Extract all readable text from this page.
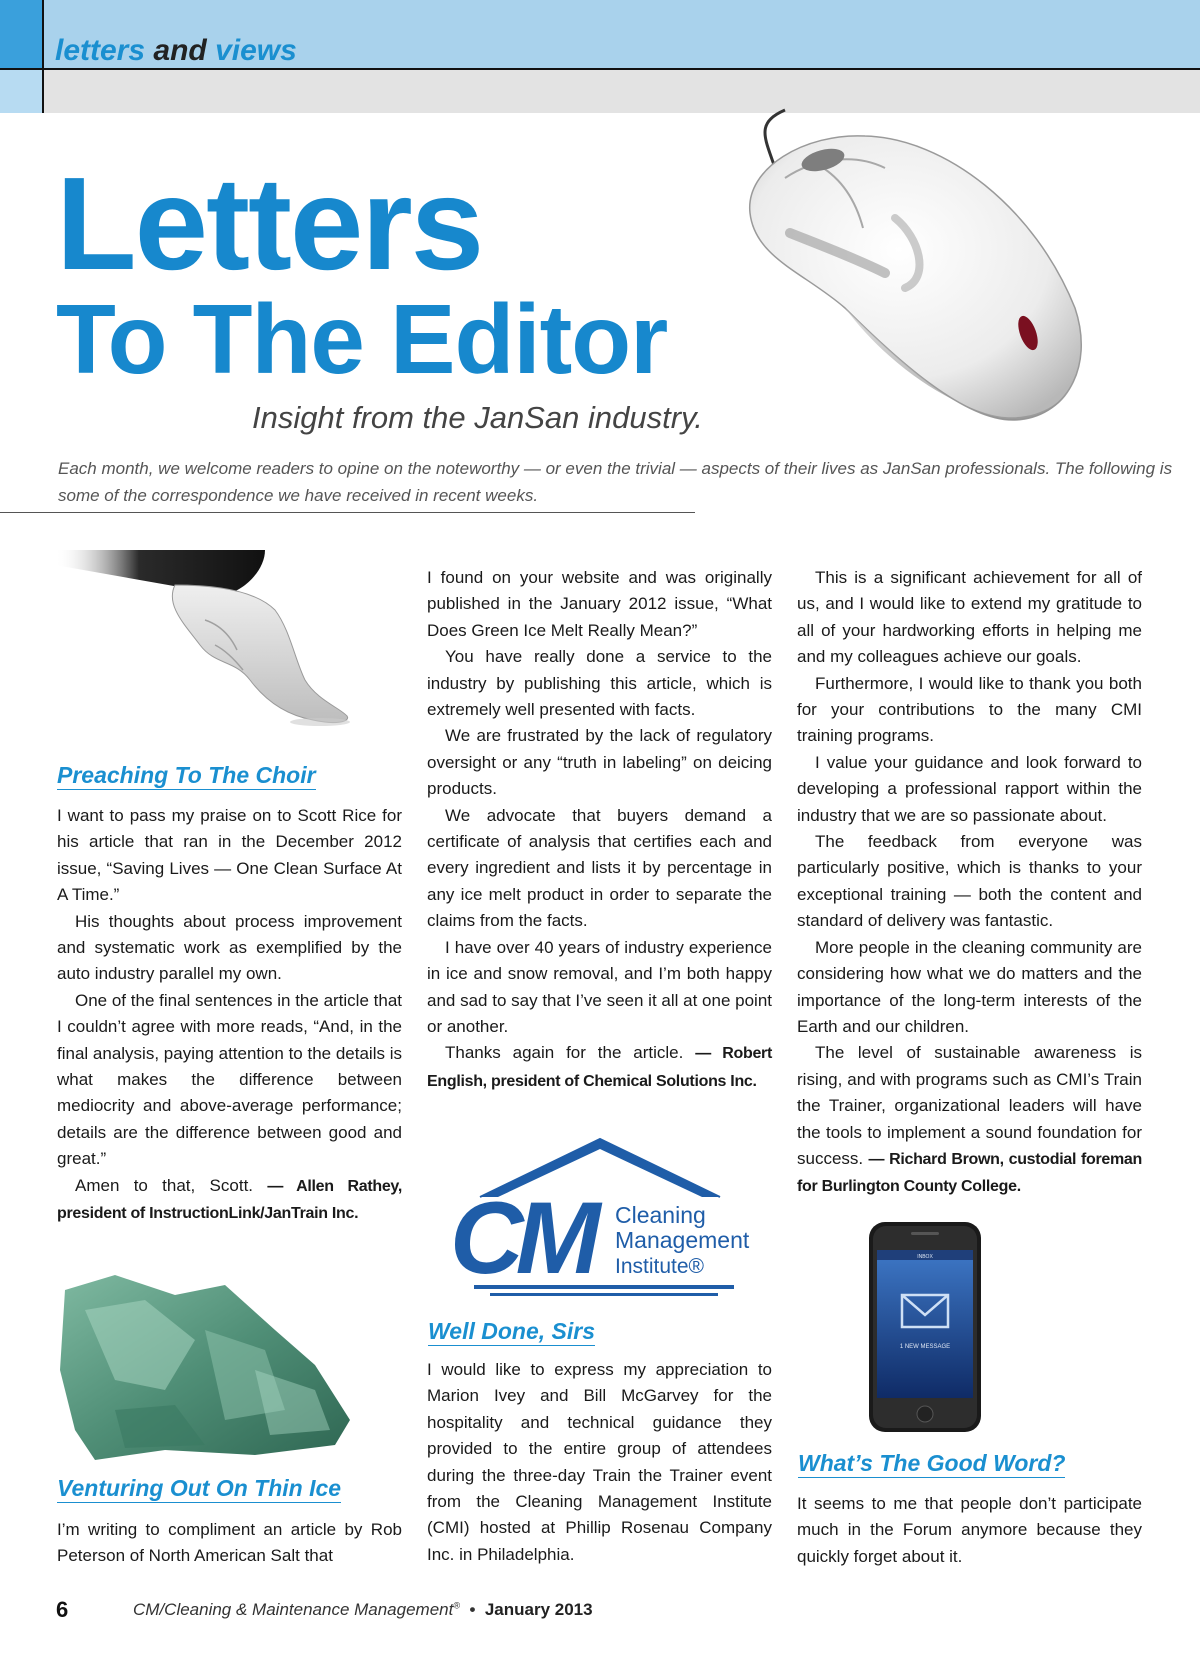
letters and views
Letters
To The Editor
Insight from the JanSan industry.
Each month, we welcome readers to opine on the noteworthy — or even the trivial — aspects of their lives as JanSan professionals. The following is some of the correspondence we have received in recent weeks.
Preaching To The Choir

I want to pass my praise on to Scott Rice for his article that ran in the December 2012 issue, “Saving Lives — One Clean Surface At A Time.”

His thoughts about process improvement and systematic work as exemplified by the auto industry parallel my own.

One of the final sentences in the article that I couldn’t agree with more reads, “And, in the final analysis, paying attention to the details is what makes the difference between mediocrity and above-average performance; details are the difference between good and great.”

Amen to that, Scott. — Allen Rathey, president of InstructionLink/JanTrain Inc.

Venturing Out On Thin Ice

I’m writing to compliment an article by Rob Peterson of North American Salt that

I found on your website and was originally published in the January 2012 issue, “What Does Green Ice Melt Really Mean?”

You have really done a service to the industry by publishing this article, which is extremely well presented with facts.

We are frustrated by the lack of regulatory oversight or any “truth in labeling” on deicing products.

We advocate that buyers demand a certificate of analysis that certifies each and every ingredient and lists it by percentage in any ice melt product in order to separate the claims from the facts.

I have over 40 years of industry experience in ice and snow removal, and I’m both happy and sad to say that I’ve seen it all at one point or another.

Thanks again for the article. — Robert English, president of Chemical Solutions Inc.

CM Cleaning
Management
Institute®
Well Done, Sirs

I would like to express my appreciation to Marion Ivey and Bill McGarvey for the hospitality and technical guidance they provided to the entire group of attendees during the three-day Train the Trainer event from the Cleaning Management Institute (CMI) hosted at Phillip Rosenau Company Inc. in Philadelphia.

This is a significant achievement for all of us, and I would like to extend my gratitude to all of your hardworking efforts in helping me and my colleagues achieve our goals.

Furthermore, I would like to thank you both for your contributions to the many CMI training programs.

I value your guidance and look forward to developing a professional rapport within the industry that we are so passionate about.

The feedback from everyone was particularly positive, which is thanks to your exceptional training — both the content and standard of delivery was fantastic.

More people in the cleaning community are considering how what we do matters and the importance of the long-term interests of the Earth and our children.

The level of sustainable awareness is rising, and with programs such as CMI’s Train the Trainer, organizational leaders will have the tools to implement a sound foundation for success. — Richard Brown, custodial foreman for Burlington County College.

INBOX
1 NEW MESSAGE
What’s The Good Word?

It seems to me that people don’t participate much in the Forum anymore because they quickly forget about it.

6	CM/Cleaning & Maintenance Management® • January 2013
